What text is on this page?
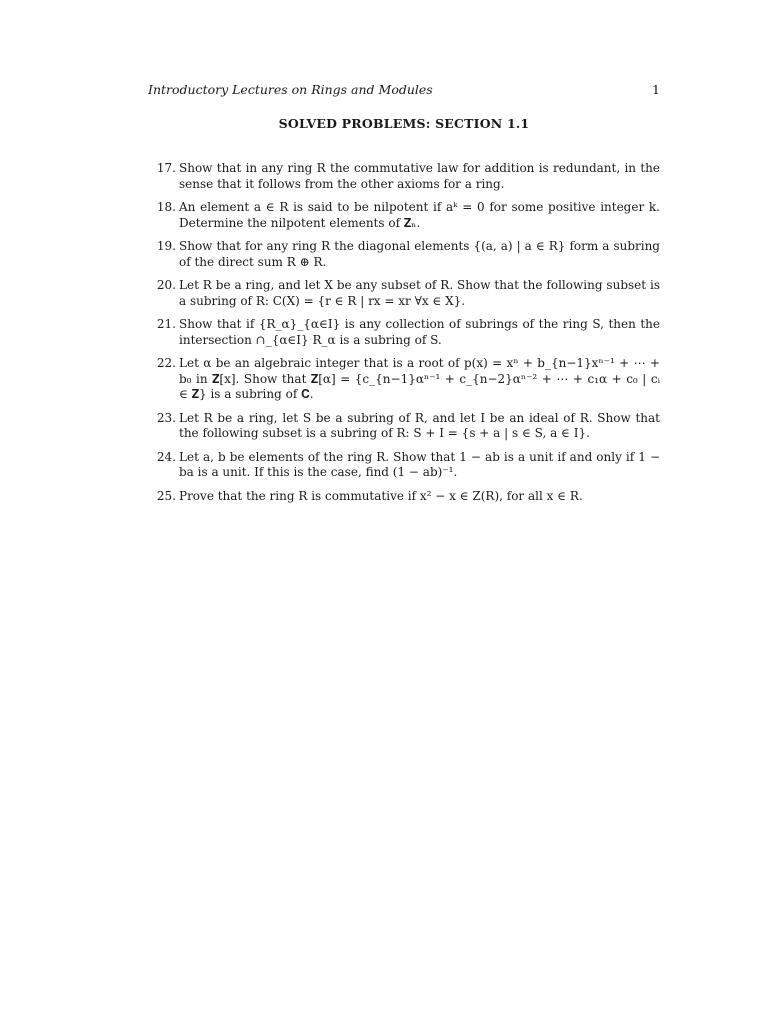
Introductory Lectures on Rings and Modules	1
SOLVED PROBLEMS: SECTION 1.1
17. Show that in any ring R the commutative law for addition is redundant, in the sense that it follows from the other axioms for a ring.
18. An element a ∈ R is said to be nilpotent if aᵏ = 0 for some positive integer k. Determine the nilpotent elements of 𝐙ₙ.
19. Show that for any ring R the diagonal elements {(a, a) | a ∈ R} form a subring of the direct sum R ⊕ R.
20. Let R be a ring, and let X be any subset of R. Show that the following subset is a subring of R: C(X) = {r ∈ R | rx = xr ∀x ∈ X}.
21. Show that if {R_α}_{α∈I} is any collection of subrings of the ring S, then the intersection ∩_{α∈I} R_α is a subring of S.
22. Let α be an algebraic integer that is a root of p(x) = xⁿ + b_{n−1}xⁿ⁻¹ + ⋯ + b₀ in 𝐙[x]. Show that 𝐙[α] = {c_{n−1}αⁿ⁻¹ + c_{n−2}αⁿ⁻² + ⋯ + c₁α + c₀ | cᵢ ∈ 𝐙} is a subring of 𝐂.
23. Let R be a ring, let S be a subring of R, and let I be an ideal of R. Show that the following subset is a subring of R: S + I = {s + a | s ∈ S, a ∈ I}.
24. Let a, b be elements of the ring R. Show that 1 − ab is a unit if and only if 1 − ba is a unit. If this is the case, find (1 − ab)⁻¹.
25. Prove that the ring R is commutative if x² − x ∈ Z(R), for all x ∈ R.
